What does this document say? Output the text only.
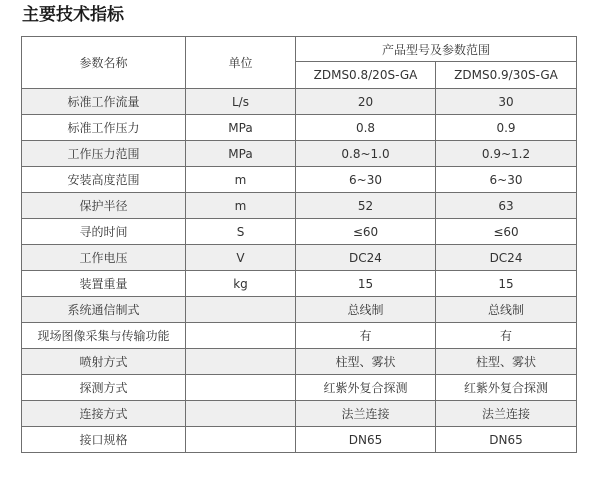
主要技术指标
参数名称	单位	产品型号及参数范围	
		ZDMS0.8/20S-GA	ZDMS0.9/30S-GA
标准工作流量	L/s	20	30
标准工作压力	MPa	0.8	0.9
工作压力范围	MPa	0.8~1.0	0.9~1.2
安装高度范围	m	6~30	6~30
保护半径	m	52	63
寻的时间	S	≤60	≤60
工作电压	V	DC24	DC24
装置重量	kg	15	15
系统通信制式		总线制	总线制
现场图像采集与传输功能		有	有
喷射方式		柱型、雾状	柱型、雾状
探测方式		红紫外复合探测	红紫外复合探测
连接方式		法兰连接	法兰连接
接口规格		DN65	DN65
